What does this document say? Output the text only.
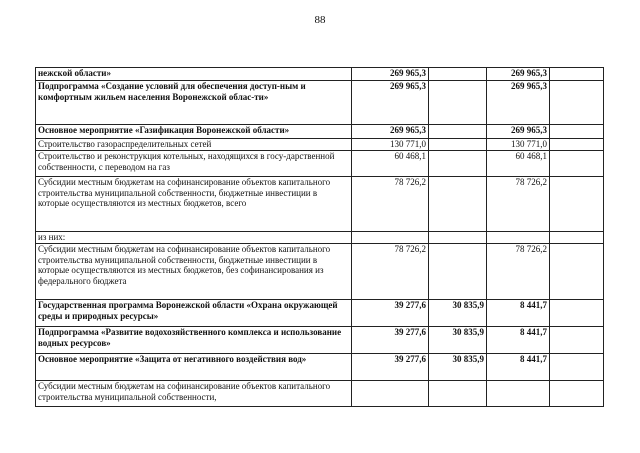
88
нежской области»	269 965,3		269 965,3	
Подпрограмма «Создание условий для обеспечения доступ-ным и комфортным жильем населения Воронежской облас-ти»	269 965,3		269 965,3	
Основное мероприятие «Газификация Воронежской области»	269 965,3		269 965,3	
Строительство газораспределительных сетей	130 771,0		130 771,0	
Строительство и реконструкция котельных, находящихся в госу-дарственной собственности, с переводом на газ	60 468,1		60 468,1	
Субсидии местным бюджетам на софинансирование объектов капитального строительства муниципальной собственности, бюджетные инвестиции в которые осуществляются из местных бюджетов, всего	78 726,2		78 726,2	
из них:				
Субсидии местным бюджетам на софинансирование объектов капитального строительства муниципальной собственности, бюджетные инвестиции в которые осуществляются из местных бюджетов, без софинансирования из федерального бюджета	78 726,2		78 726,2	
Государственная программа Воронежской области «Охрана окружающей среды и природных ресурсы»	39 277,6	30 835,9	8 441,7	
Подпрограмма «Развитие водохозяйственного комплекса и использование водных ресурсов»	39 277,6	30 835,9	8 441,7	
Основное мероприятие «Защита от негативного воздействия вод»	39 277,6	30 835,9	8 441,7	
Субсидии местным бюджетам на софинансирование объектов капитального строительства муниципальной собственности,				
